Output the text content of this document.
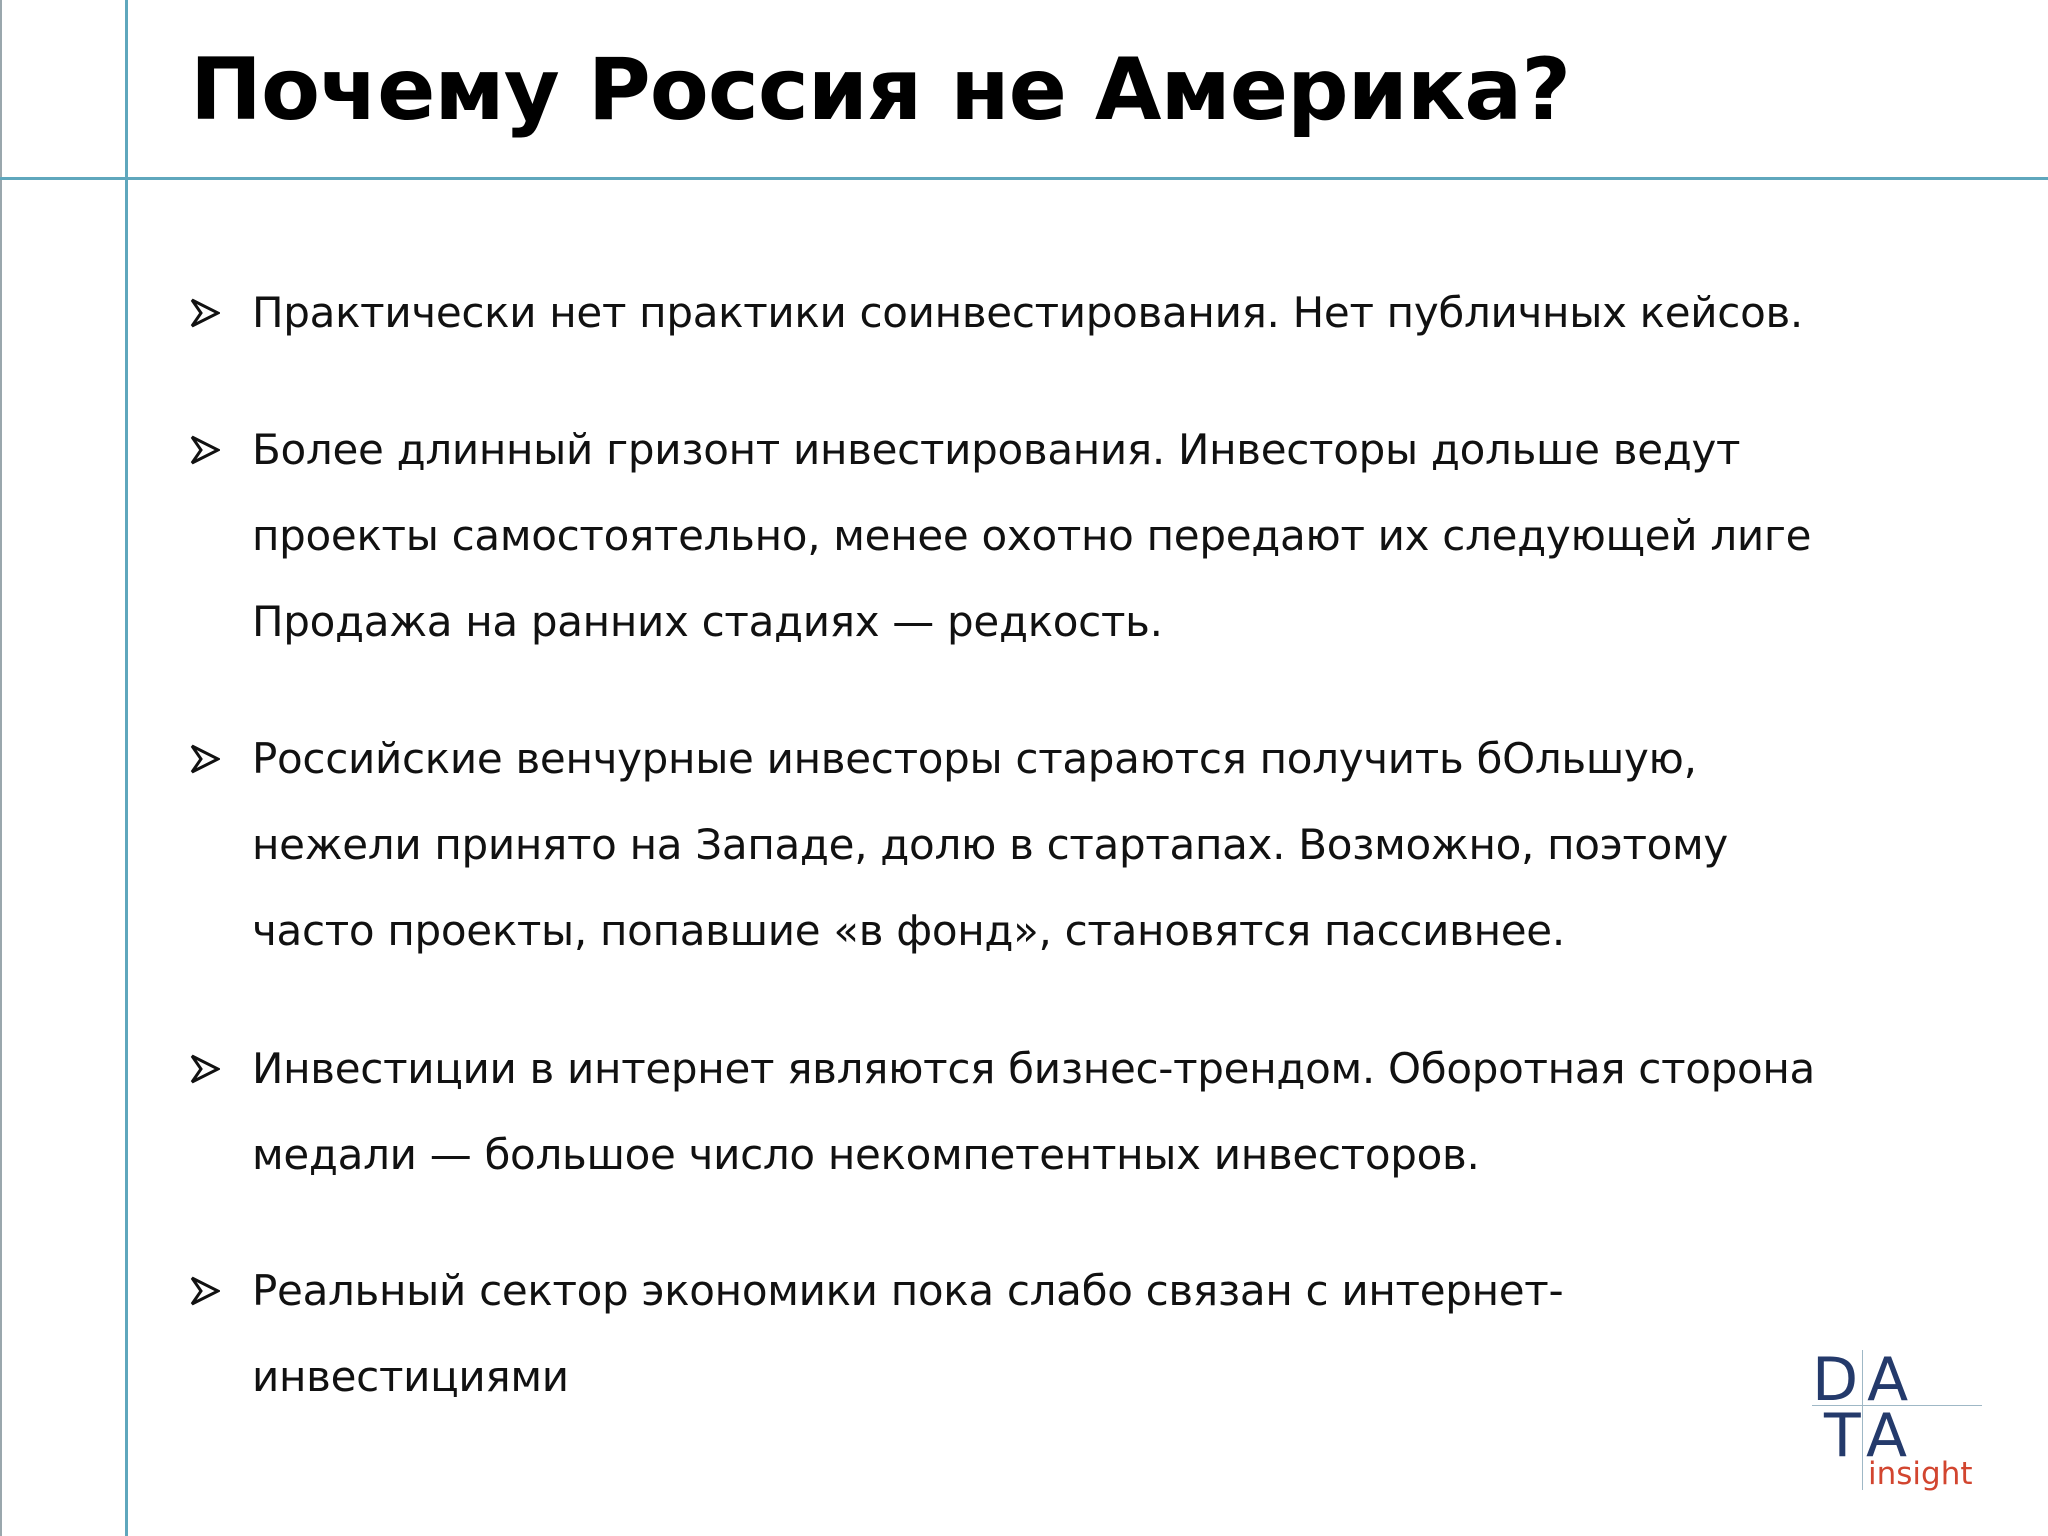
Почему Россия не Америка?
Практически нет практики соинвестирования. Нет публичных кейсов.
Более длинный гризонт инвестирования. Инвесторы дольше ведут
проекты самостоятельно, менее охотно передают их следующей лиге
Продажа на ранних стадиях — редкость.
Российские венчурные инвесторы стараются получить бОльшую,
нежели принято на Западе, долю в стартапах. Возможно, поэтому
часто проекты, попавшие «в фонд», становятся пассивнее.
Инвестиции в интернет являются бизнес-трендом. Оборотная сторона
медали — большое число некомпетентных инвесторов.
Реальный сектор экономики пока слабо связан с интернет-
инвестициями	DA
TA
insight
